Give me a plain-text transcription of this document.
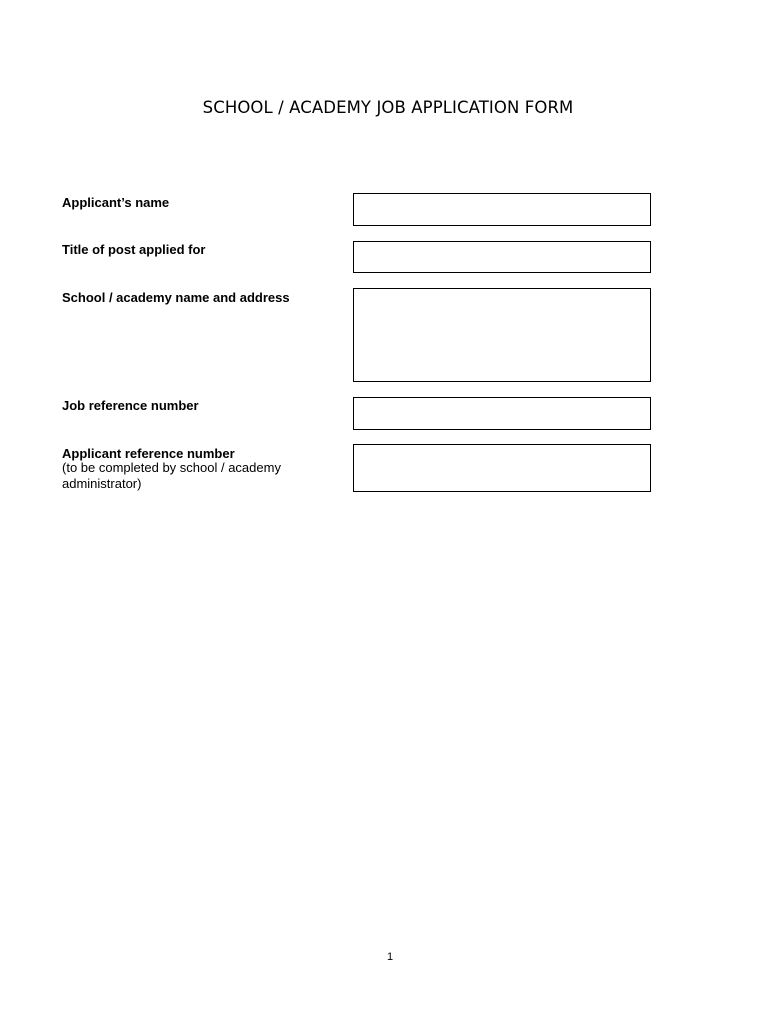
SCHOOL / ACADEMY JOB APPLICATION FORM
Applicant’s name
Title of post applied for
School / academy name and address
Job reference number
Applicant reference number
(to be completed by school / academy
administrator)
1
